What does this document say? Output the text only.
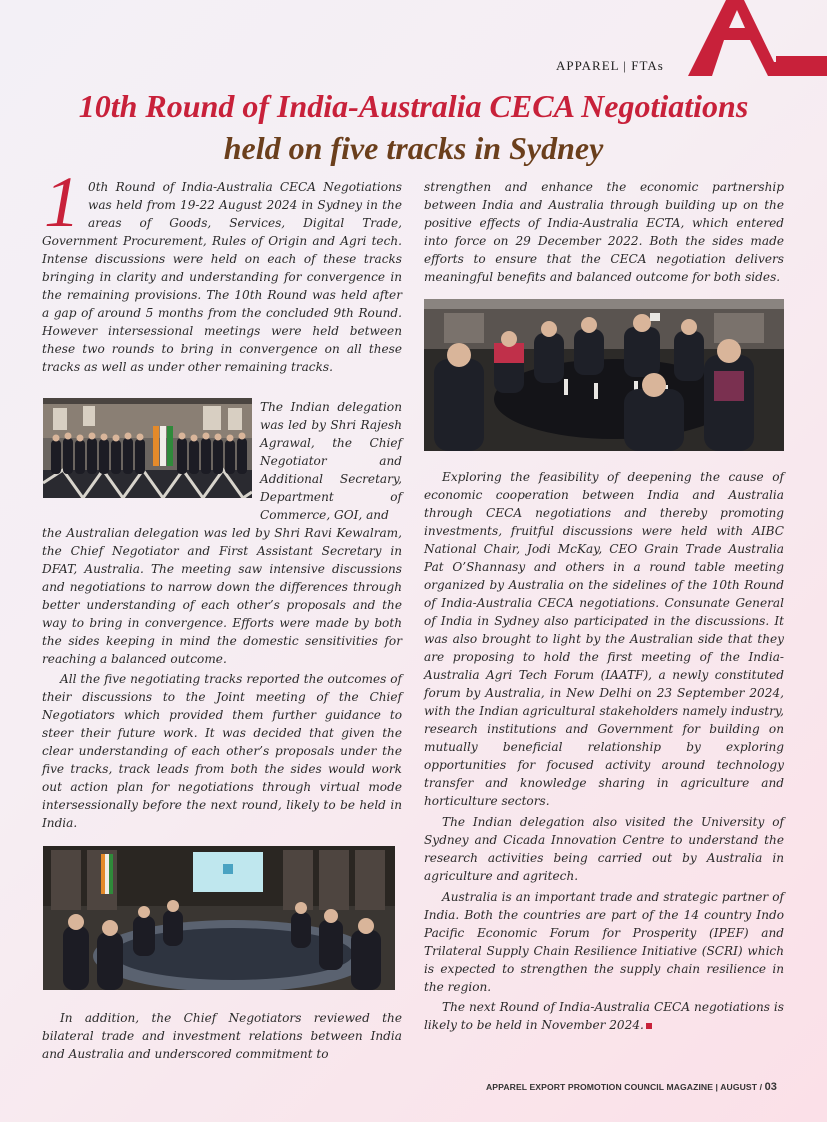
APPAREL | FTAs
10th Round of India-Australia CECA Negotiations
held on five tracks in Sydney
1 0th Round of India-Australia CECA Negotiations
was held from 19-22 August 2024 in Sydney in the
areas of Goods, Services, Digital Trade,
Government Procurement, Rules of Origin and Agri tech.
Intense discussions were held on each of these tracks
bringing in clarity and understanding for convergence in
the remaining provisions. The 10th Round was held after
a gap of around 5 months from the concluded 9th Round.
However intersessional meetings were held between
these two rounds to bring in convergence on all these
tracks as well as under other remaining tracks.
The Indian delegation
was led by Shri Rajesh
Agrawal, the Chief
Negotiator and
Additional Secretary,
Department of
Commerce, GOI, and

the Australian delegation was led by Shri Ravi Kewalram, the Chief Negotiator and First Assistant Secretary in DFAT, Australia. The meeting saw intensive discussions and negotiations to narrow down the differences through better understanding of each other’s proposals and the way to bring in convergence. Efforts were made by both the sides keeping in mind the domestic sensitivities for reaching a balanced outcome.

All the five negotiating tracks reported the outcomes of their discussions to the Joint meeting of the Chief Negotiators which provided them further guidance to steer their future work. It was decided that given the clear understanding of each other’s proposals under the five tracks, track leads from both the sides would work out action plan for negotiations through virtual mode intersessionally before the next round, likely to be held in India.

In addition, the Chief Negotiators reviewed the bilateral trade and investment relations between India and Australia and underscored commitment to

strengthen and enhance the economic partnership between India and Australia through building up on the positive effects of India-Australia ECTA, which entered into force on 29 December 2022. Both the sides made efforts to ensure that the CECA negotiation delivers meaningful benefits and balanced outcome for both sides.

Exploring the feasibility of deepening the cause of economic cooperation between India and Australia through CECA negotiations and thereby promoting investments, fruitful discussions were held with AIBC National Chair, Jodi McKay, CEO Grain Trade Australia Pat O’Shannasy and others in a round table meeting organized by Australia on the sidelines of the 10th Round of India-Australia CECA negotiations. Consunate General of India in Sydney also participated in the discussions. It was also brought to light by the Australian side that they are proposing to hold the first meeting of the India-Australia Agri Tech Forum (IAATF), a newly constituted forum by Australia, in New Delhi on 23 September 2024, with the Indian agricultural stakeholders namely industry, research institutions and Government for building on mutually beneficial relationship by exploring opportunities for focused activity around technology transfer and knowledge sharing in agriculture and horticulture sectors.

The Indian delegation also visited the University of Sydney and Cicada Innovation Centre to understand the research activities being carried out by Australia in agriculture and agritech.

Australia is an important trade and strategic partner of India. Both the countries are part of the 14 country Indo Pacific Economic Forum for Prosperity (IPEF) and Trilateral Supply Chain Resilience Initiative (SCRI) which is expected to strengthen the supply chain resilience in the region.

The next Round of India-Australia CECA negotiations is likely to be held in November 2024.

APPAREL EXPORT PROMOTION COUNCIL MAGAZINE | AUGUST / 03
